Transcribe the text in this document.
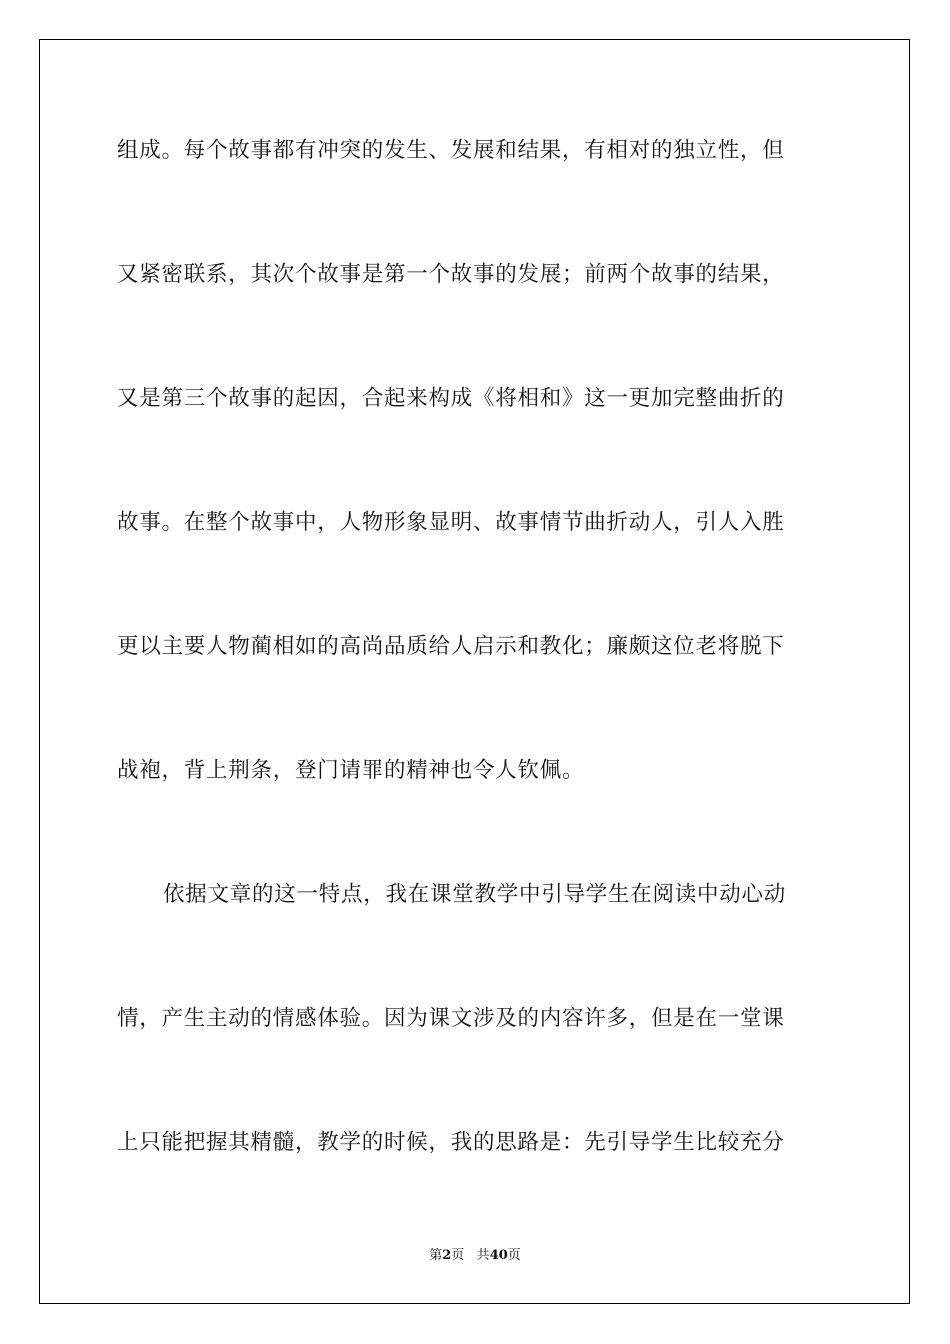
组成。每个故事都有冲突的发生、发展和结果，有相对的独立性，但
又紧密联系，其次个故事是第一个故事的发展；前两个故事的结果，
又是第三个故事的起因，合起来构成《将相和》这一更加完整曲折的
故事。在整个故事中，人物形象显明、故事情节曲折动人，引人入胜
更以主要人物蔺相如的高尚品质给人启示和教化；廉颇这位老将脱下
战袍，背上荆条，登门请罪的精神也令人钦佩。
依据文章的这一特点，我在课堂教学中引导学生在阅读中动心动
情，产生主动的情感体验。因为课文涉及的内容许多，但是在一堂课
上只能把握其精髓，教学的时候，我的思路是：先引导学生比较充分
第2页 共40页
